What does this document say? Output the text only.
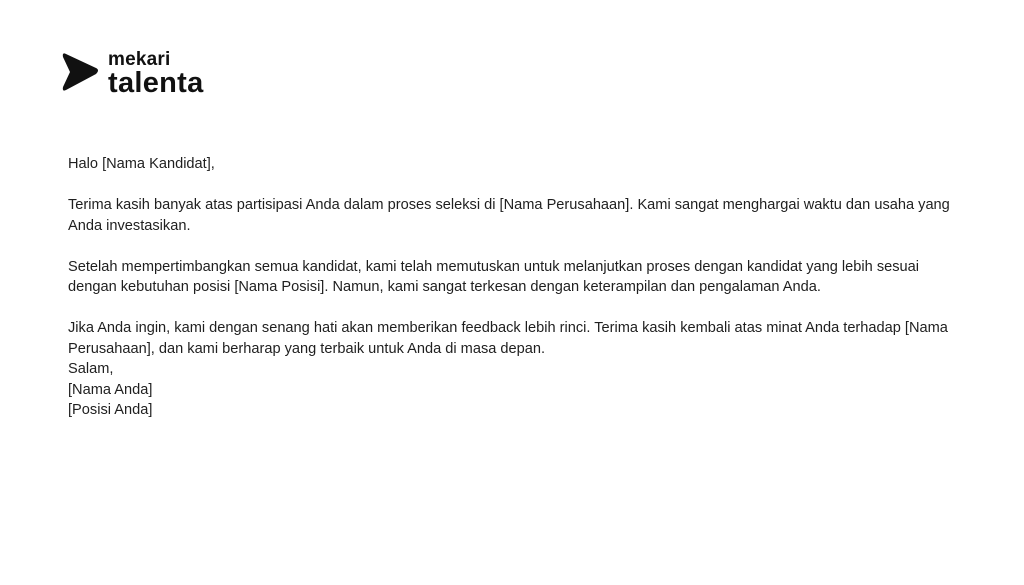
mekari
talenta

Halo [Nama Kandidat],

Terima kasih banyak atas partisipasi Anda dalam proses seleksi di [Nama Perusahaan]. Kami sangat menghargai waktu dan usaha yang Anda investasikan.

Setelah mempertimbangkan semua kandidat, kami telah memutuskan untuk melanjutkan proses dengan kandidat yang lebih sesuai dengan kebutuhan posisi [Nama Posisi]. Namun, kami sangat terkesan dengan keterampilan dan pengalaman Anda.

Jika Anda ingin, kami dengan senang hati akan memberikan feedback lebih rinci. Terima kasih kembali atas minat Anda terhadap [Nama Perusahaan], dan kami berharap yang terbaik untuk Anda di masa depan.

Salam,

[Nama Anda]

[Posisi Anda]
